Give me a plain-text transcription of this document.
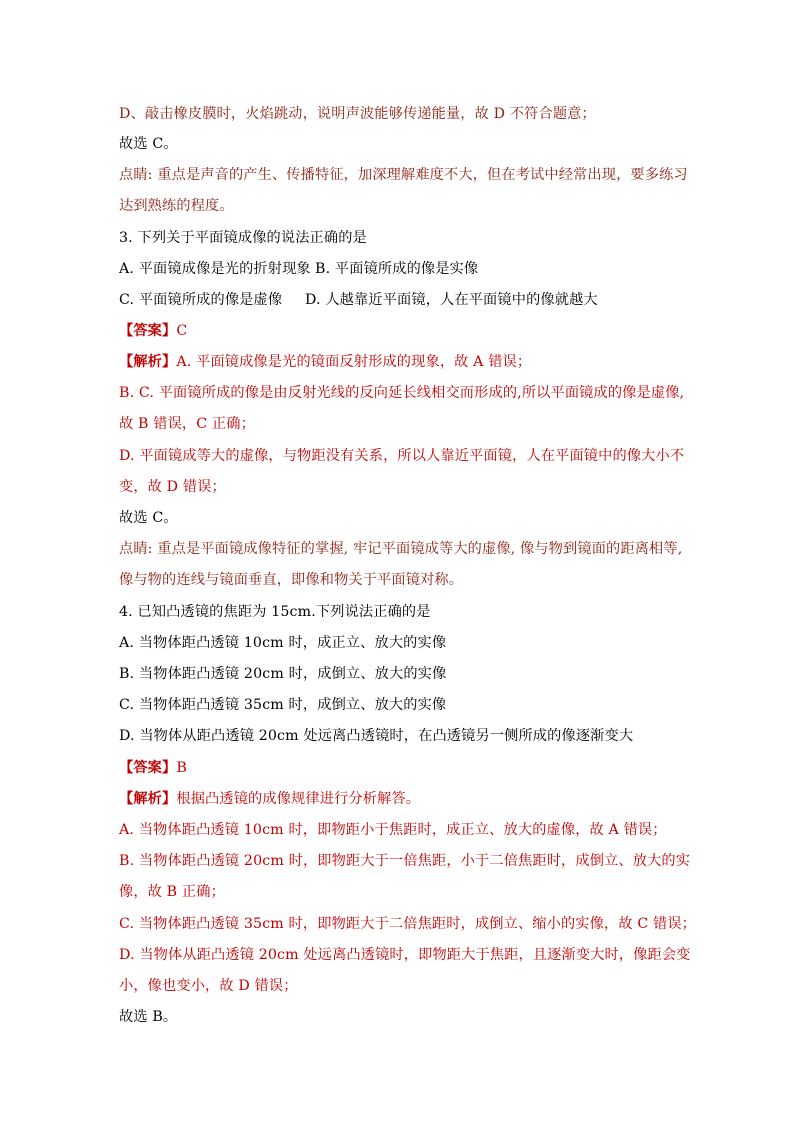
D、敲击橡皮膜时，火焰跳动，说明声波能够传递能量，故 D 不符合题意；
故选 C。
点睛: 重点是声音的产生、传播特征，加深理解难度不大，但在考试中经常出现，要多练习
达到熟练的程度。
3. 下列关于平面镜成像的说法正确的是
A. 平面镜成像是光的折射现象 B. 平面镜所成的像是实像
C. 平面镜所成的像是虚像 D. 人越靠近平面镜，人在平面镜中的像就越大
【答案】C
【解析】A. 平面镜成像是光的镜面反射形成的现象，故 A 错误；
B. C. 平面镜所成的像是由反射光线的反向延长线相交而形成的,所以平面镜成的像是虚像,
故 B 错误，C 正确；
D. 平面镜成等大的虚像，与物距没有关系，所以人靠近平面镜，人在平面镜中的像大小不
变，故 D 错误；
故选 C。
点睛: 重点是平面镜成像特征的掌握, 牢记平面镜成等大的虚像, 像与物到镜面的距离相等,
像与物的连线与镜面垂直，即像和物关于平面镜对称。
4. 已知凸透镜的焦距为 15cm.下列说法正确的是
A. 当物体距凸透镜 10cm 时，成正立、放大的实像
B. 当物体距凸透镜 20cm 时，成倒立、放大的实像
C. 当物体距凸透镜 35cm 时，成倒立、放大的实像
D. 当物体从距凸透镜 20cm 处远离凸透镜时，在凸透镜另一侧所成的像逐渐变大
【答案】B
【解析】根据凸透镜的成像规律进行分析解答。
A. 当物体距凸透镜 10cm 时，即物距小于焦距时，成正立、放大的虚像，故 A 错误；
B. 当物体距凸透镜 20cm 时，即物距大于一倍焦距，小于二倍焦距时，成倒立、放大的实
像，故 B 正确；
C. 当物体距凸透镜 35cm 时，即物距大于二倍焦距时，成倒立、缩小的实像，故 C 错误；
D. 当物体从距凸透镜 20cm 处远离凸透镜时，即物距大于焦距，且逐渐变大时，像距会变
小，像也变小，故 D 错误；
故选 B。
